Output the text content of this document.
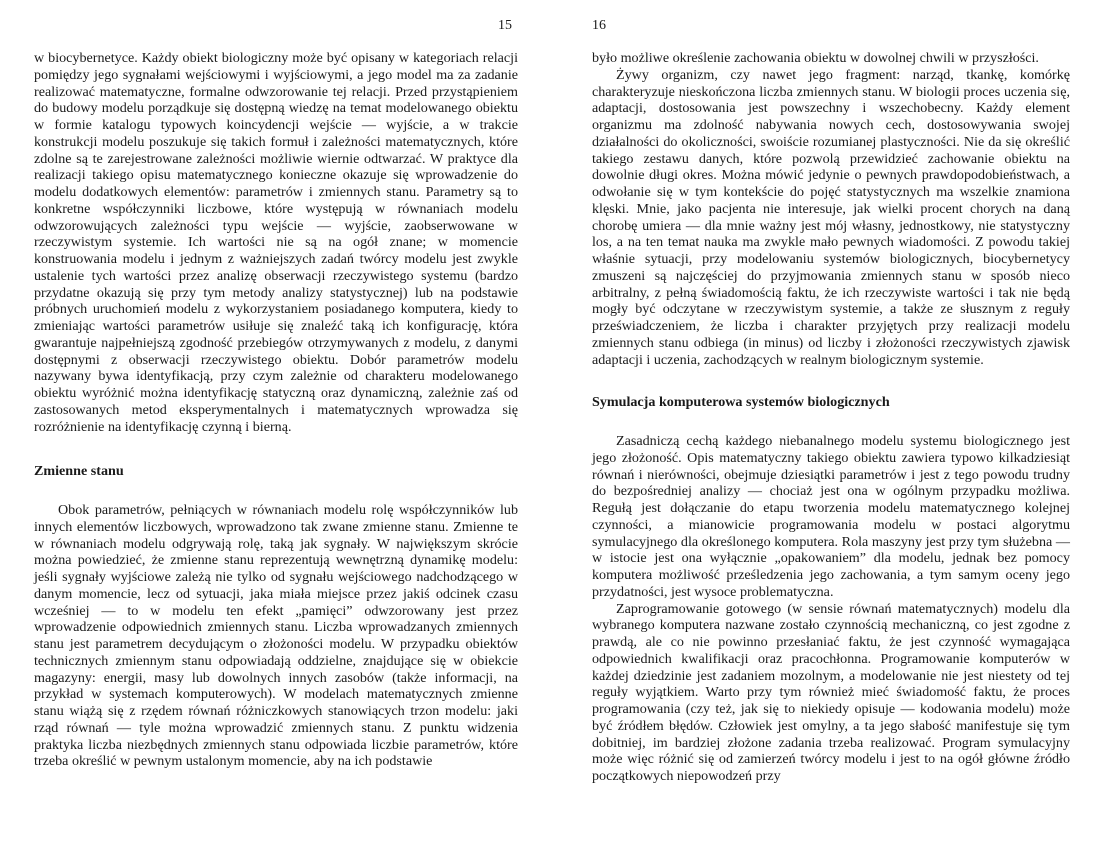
15

w biocybernetyce. Każdy obiekt biologiczny może być opisany w kategoriach relacji pomiędzy jego sygnałami wejściowymi i wyjściowymi, a jego model ma za zadanie realizować matematyczne, formalne odwzorowanie tej relacji. Przed przystąpieniem do budowy modelu porządkuje się dostępną wiedzę na temat modelowanego obiektu w formie katalogu typowych koincydencji wejście — wyjście, a w trakcie konstrukcji modelu poszukuje się takich formuł i zależności matematycznych, które zdolne są te zarejestrowane zależności możliwie wiernie odtwarzać. W praktyce dla realizacji takiego opisu matematycznego konieczne okazuje się wprowadzenie do modelu dodatkowych elementów: parametrów i zmiennych stanu. Parametry są to konkretne współczynniki liczbowe, które występują w równaniach modelu odwzorowujących zależności typu wejście — wyjście, zaobserwowane w rzeczywistym systemie. Ich wartości nie są na ogół znane; w momencie konstruowania modelu i jednym z ważniejszych zadań twórcy modelu jest zwykle ustalenie tych wartości przez analizę obserwacji rzeczywistego systemu (bardzo przydatne okazują się przy tym metody analizy statystycznej) lub na podstawie próbnych uruchomień modelu z wykorzystaniem posiadanego komputera, kiedy to zmieniając wartości parametrów usiłuje się znaleźć taką ich konfigurację, która gwarantuje najpełniejszą zgodność przebiegów otrzymywanych z modelu, z danymi dostępnymi z obserwacji rzeczywistego obiektu. Dobór parametrów modelu nazywany bywa identyfikacją, przy czym zależnie od charakteru modelowanego obiektu wyróżnić można identyfikację statyczną oraz dynamiczną, zależnie zaś od zastosowanych metod eksperymentalnych i matematycznych wprowadza się rozróżnienie na identyfikację czynną i bierną.

Zmienne stanu

Obok parametrów, pełniących w równaniach modelu rolę współczynników lub innych elementów liczbowych, wprowadzono tak zwane zmienne stanu. Zmienne te w równaniach modelu odgrywają rolę, taką jak sygnały. W największym skrócie można powiedzieć, że zmienne stanu reprezentują wewnętrzną dynamikę modelu: jeśli sygnały wyjściowe zależą nie tylko od sygnału wejściowego nadchodzącego w danym momencie, lecz od sytuacji, jaka miała miejsce przez jakiś odcinek czasu wcześniej — to w modelu ten efekt „pamięci” odwzorowany jest przez wprowadzenie odpowiednich zmiennych stanu. Liczba wprowadzanych zmiennych stanu jest parametrem decydującym o złożoności modelu. W przypadku obiektów technicznych zmiennym stanu odpowiadają oddzielne, znajdujące się w obiekcie magazyny: energii, masy lub dowolnych innych zasobów (także informacji, na przykład w systemach komputerowych). W modelach matematycznych zmienne stanu wiążą się z rzędem równań różniczkowych stanowiących trzon modelu: jaki rząd równań — tyle można wprowadzić zmiennych stanu. Z punktu widzenia praktyka liczba niezbędnych zmiennych stanu odpowiada liczbie parametrów, które trzeba określić w pewnym ustalonym momencie, aby na ich podstawie

16

było możliwe określenie zachowania obiektu w dowolnej chwili w przyszłości.

Żywy organizm, czy nawet jego fragment: narząd, tkankę, komórkę charakteryzuje nieskończona liczba zmiennych stanu. W biologii proces uczenia się, adaptacji, dostosowania jest powszechny i wszechobecny. Każdy element organizmu ma zdolność nabywania nowych cech, dostosowywania swojej działalności do okoliczności, swoiście rozumianej plastyczności. Nie da się określić takiego zestawu danych, które pozwolą przewidzieć zachowanie obiektu na dowolnie długi okres. Można mówić jedynie o pewnych prawdopodobieństwach, a odwołanie się w tym kontekście do pojęć statystycznych ma wszelkie znamiona klęski. Mnie, jako pacjenta nie interesuje, jak wielki procent chorych na daną chorobę umiera — dla mnie ważny jest mój własny, jednostkowy, nie statystyczny los, a na ten temat nauka ma zwykle mało pewnych wiadomości. Z powodu takiej właśnie sytuacji, przy modelowaniu systemów biologicznych, biocybernetycy zmuszeni są najczęściej do przyjmowania zmiennych stanu w sposób nieco arbitralny, z pełną świadomością faktu, że ich rzeczywiste wartości i tak nie będą mogły być odczytane w rzeczywistym systemie, a także ze słusznym z reguły przeświadczeniem, że liczba i charakter przyjętych przy realizacji modelu zmiennych stanu odbiega (in minus) od liczby i złożoności rzeczywistych zjawisk adaptacji i uczenia, zachodzących w realnym biologicznym systemie.

Symulacja komputerowa systemów biologicznych

Zasadniczą cechą każdego niebanalnego modelu systemu biologicznego jest jego złożoność. Opis matematyczny takiego obiektu zawiera typowo kilkadziesiąt równań i nierówności, obejmuje dziesiątki parametrów i jest z tego powodu trudny do bezpośredniej analizy — chociaż jest ona w ogólnym przypadku możliwa. Regułą jest dołączanie do etapu tworzenia modelu matematycznego kolejnej czynności, a mianowicie programowania modelu w postaci algorytmu symulacyjnego dla określonego komputera. Rola maszyny jest przy tym służebna — w istocie jest ona wyłącznie „opakowaniem” dla modelu, jednak bez pomocy komputera możliwość prześledzenia jego zachowania, a tym samym oceny jego przydatności, jest wysoce problematyczna.

Zaprogramowanie gotowego (w sensie równań matematycznych) modelu dla wybranego komputera nazwane zostało czynnością mechaniczną, co jest zgodne z prawdą, ale co nie powinno przesłaniać faktu, że jest czynność wymagająca odpowiednich kwalifikacji oraz pracochłonna. Programowanie komputerów w każdej dziedzinie jest zadaniem mozolnym, a modelowanie nie jest niestety od tej reguły wyjątkiem. Warto przy tym również mieć świadomość faktu, że proces programowania (czy też, jak się to niekiedy opisuje — kodowania modelu) może być źródłem błędów. Człowiek jest omylny, a ta jego słabość manifestuje się tym dobitniej, im bardziej złożone zadania trzeba realizować. Program symulacyjny może więc różnić się od zamierzeń twórcy modelu i jest to na ogół główne źródło początkowych niepowodzeń przy
